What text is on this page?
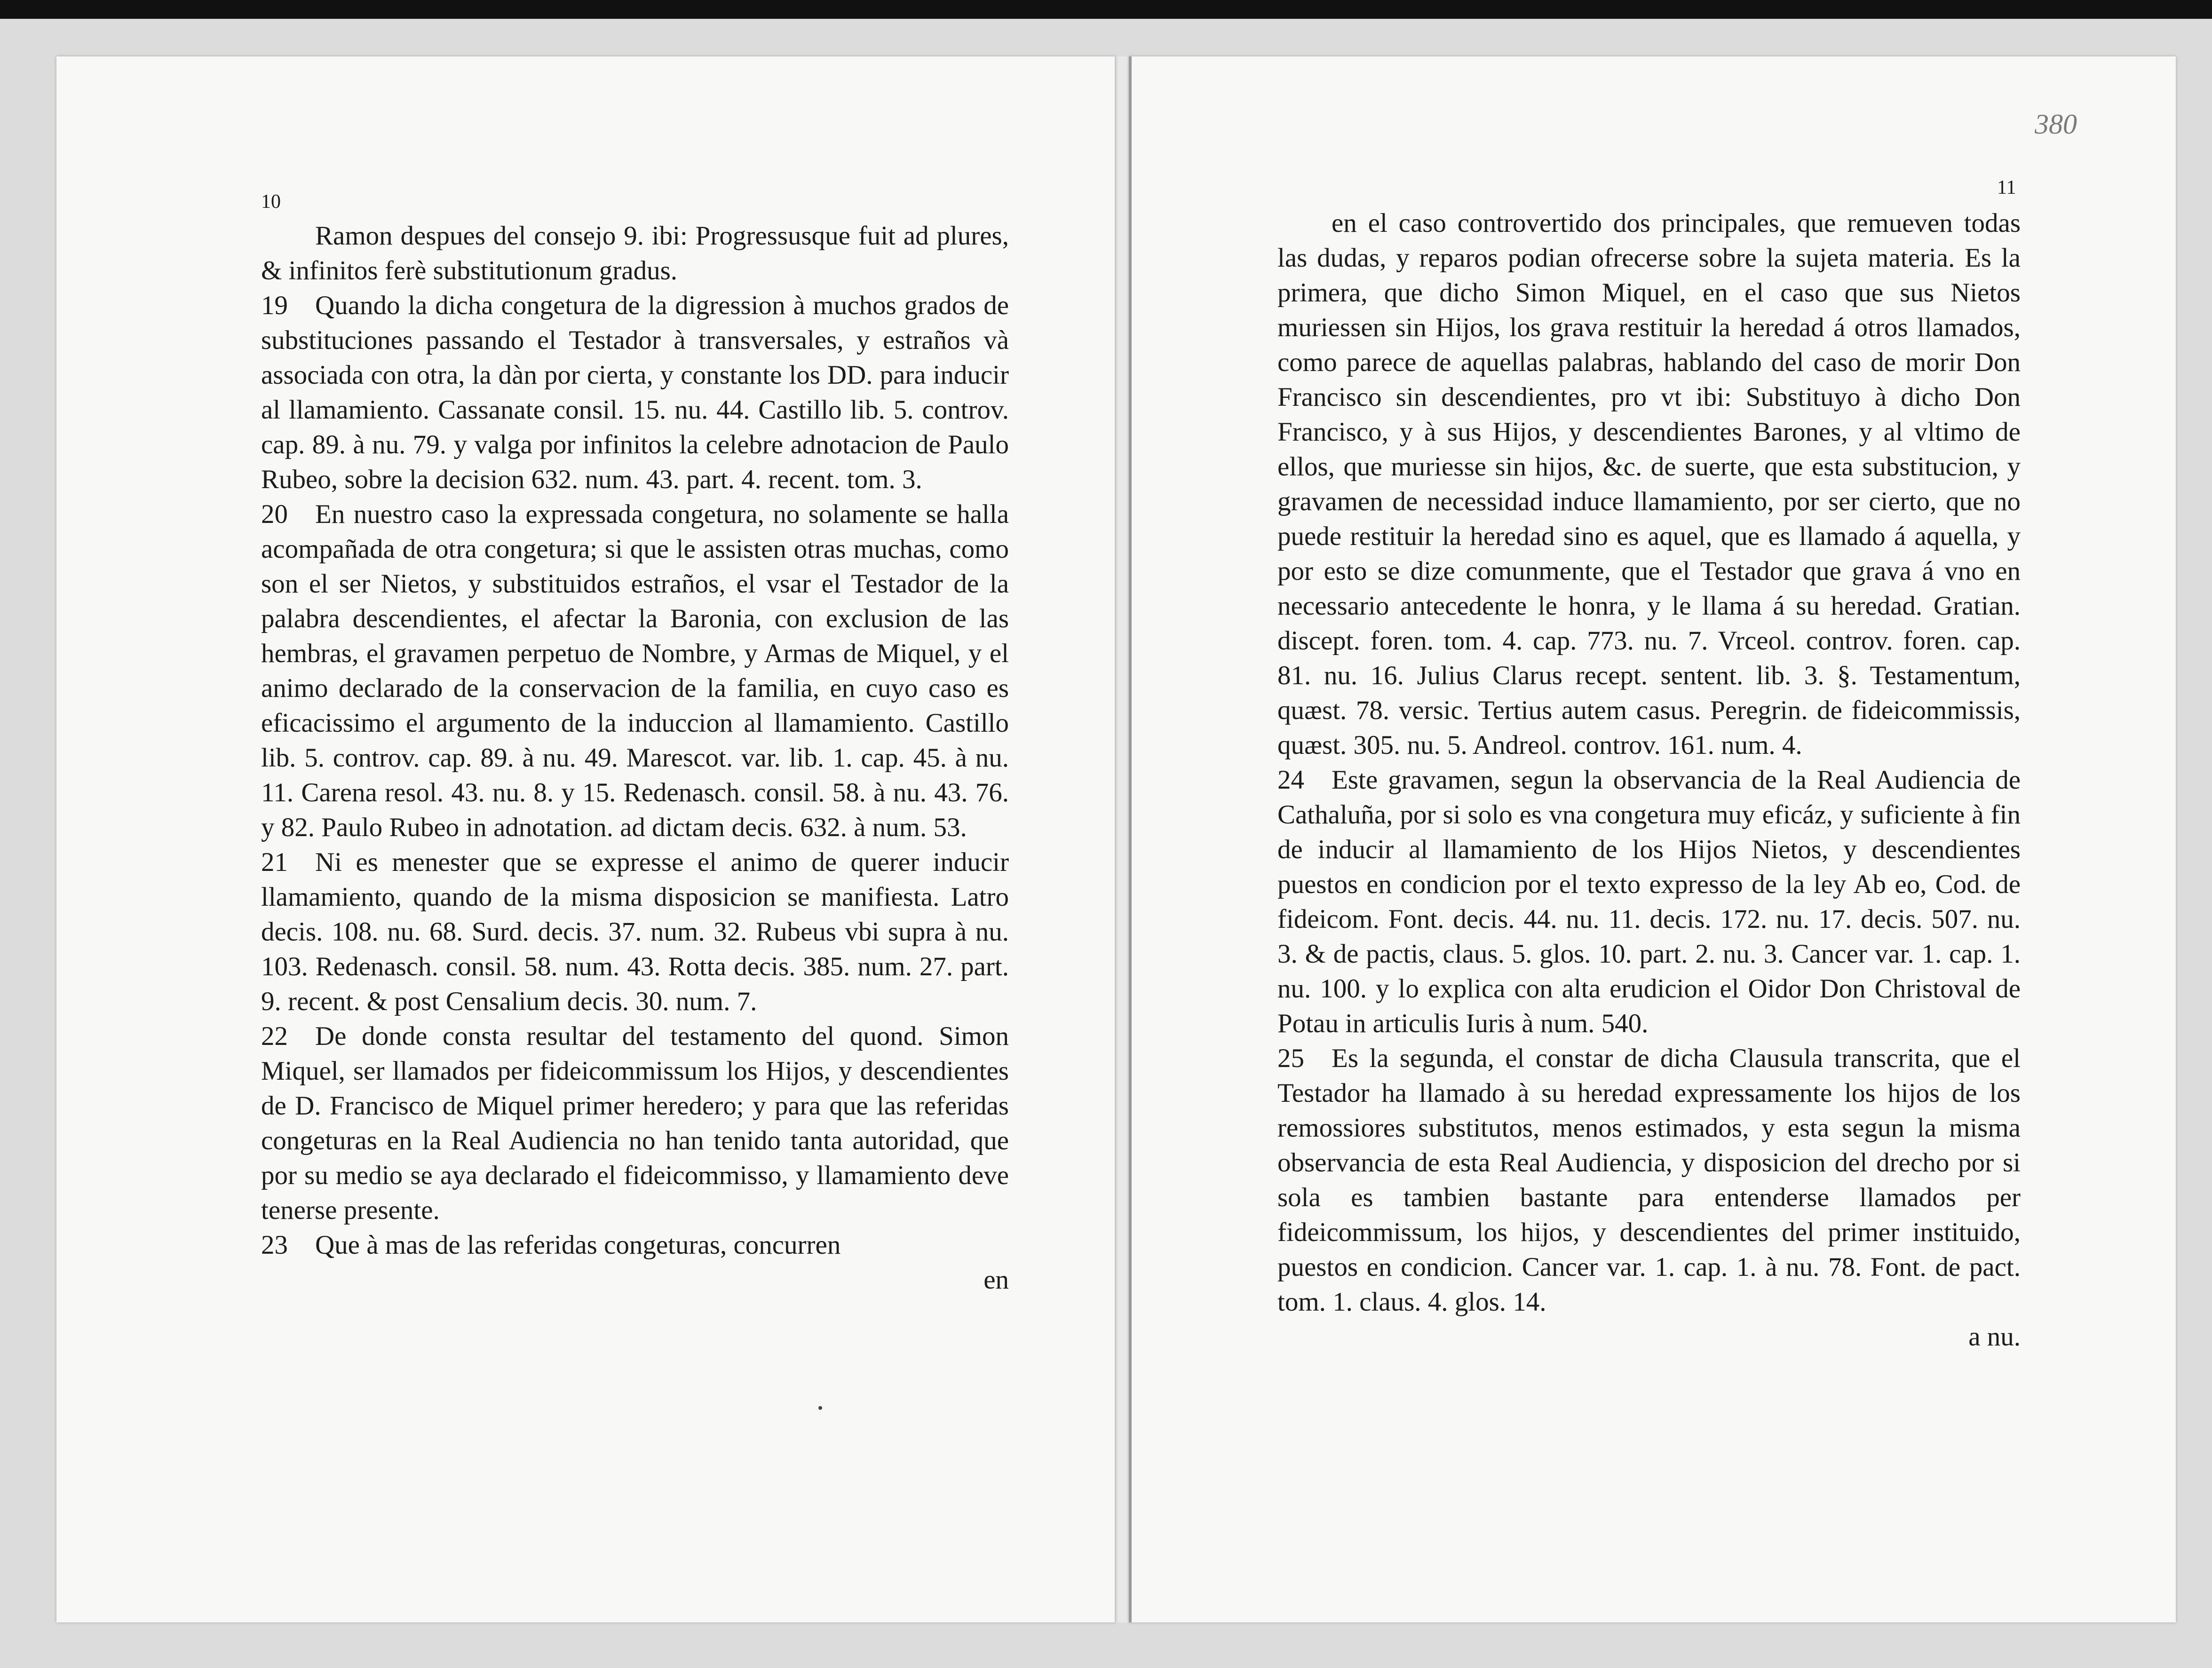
10

Ramon despues del consejo 9. ibi: Progressusque fuit ad plures, & infinitos ferè substitutionum gradus.

19 Quando la dicha congetura de la digression à muchos grados de substituciones passando el Testador à transversales, y estraños và associada con otra, la dàn por cierta, y constante los DD. para inducir al llamamiento. Cassanate consil. 15. nu. 44. Castillo lib. 5. controv. cap. 89. à nu. 79. y valga por infinitos la celebre adnotacion de Paulo Rubeo, sobre la decision 632. num. 43. part. 4. recent. tom. 3.

20 En nuestro caso la expressada congetura, no solamente se halla acompañada de otra congetura; si que le assisten otras muchas, como son el ser Nietos, y substituidos estraños, el vsar el Testador de la palabra descendientes, el afectar la Baronia, con exclusion de las hembras, el gravamen perpetuo de Nombre, y Armas de Miquel, y el animo declarado de la conservacion de la familia, en cuyo caso es eficacissimo el argumento de la induccion al llamamiento. Castillo lib. 5. controv. cap. 89. à nu. 49. Marescot. var. lib. 1. cap. 45. à nu. 11. Carena resol. 43. nu. 8. y 15. Redenasch. consil. 58. à nu. 43. 76. y 82. Paulo Rubeo in adnotation. ad dictam decis. 632. à num. 53.

21 Ni es menester que se expresse el animo de querer inducir llamamiento, quando de la misma disposicion se manifiesta. Latro decis. 108. nu. 68. Surd. decis. 37. num. 32. Rubeus vbi supra à nu. 103. Redenasch. consil. 58. num. 43. Rotta decis. 385. num. 27. part. 9. recent. & post Censalium decis. 30. num. 7.

22 De donde consta resultar del testamento del quond. Simon Miquel, ser llamados per fideicommissum los Hijos, y descendientes de D. Francisco de Miquel primer heredero; y para que las referidas congeturas en la Real Audiencia no han tenido tanta autoridad, que por su medio se aya declarado el fideicommisso, y llamamiento deve tenerse presente.

23 Que à mas de las referidas congeturas, concurren

en

380
11

en el caso controvertido dos principales, que remueven todas las dudas, y reparos podian ofrecerse sobre la sujeta materia. Es la primera, que dicho Simon Miquel, en el caso que sus Nietos muriessen sin Hijos, los grava restituir la heredad á otros llamados, como parece de aquellas palabras, hablando del caso de morir Don Francisco sin descendientes, pro vt ibi: Substituyo à dicho Don Francisco, y à sus Hijos, y descendientes Barones, y al vltimo de ellos, que muriesse sin hijos, &c. de suerte, que esta substitucion, y gravamen de necessidad induce llamamiento, por ser cierto, que no puede restituir la heredad sino es aquel, que es llamado á aquella, y por esto se dize comunmente, que el Testador que grava á vno en necessario antecedente le honra, y le llama á su heredad. Gratian. discept. foren. tom. 4. cap. 773. nu. 7. Vrceol. controv. foren. cap. 81. nu. 16. Julius Clarus recept. sentent. lib. 3. §. Testamentum, quæst. 78. versic. Tertius autem casus. Peregrin. de fideicommissis, quæst. 305. nu. 5. Andreol. controv. 161. num. 4.

24 Este gravamen, segun la observancia de la Real Audiencia de Cathaluña, por si solo es vna congetura muy eficáz, y suficiente à fin de inducir al llamamiento de los Hijos Nietos, y descendientes puestos en condicion por el texto expresso de la ley Ab eo, Cod. de fideicom. Font. decis. 44. nu. 11. decis. 172. nu. 17. decis. 507. nu. 3. & de pactis, claus. 5. glos. 10. part. 2. nu. 3. Cancer var. 1. cap. 1. nu. 100. y lo explica con alta erudicion el Oidor Don Christoval de Potau in articulis Iuris à num. 540.

25 Es la segunda, el constar de dicha Clausula transcrita, que el Testador ha llamado à su heredad expressamente los hijos de los remossiores substitutos, menos estimados, y esta segun la misma observancia de esta Real Audiencia, y disposicion del drecho por si sola es tambien bastante para entenderse llamados per fideicommissum, los hijos, y descendientes del primer instituido, puestos en condicion. Cancer var. 1. cap. 1. à nu. 78. Font. de pact. tom. 1. claus. 4. glos. 14.

a nu.
